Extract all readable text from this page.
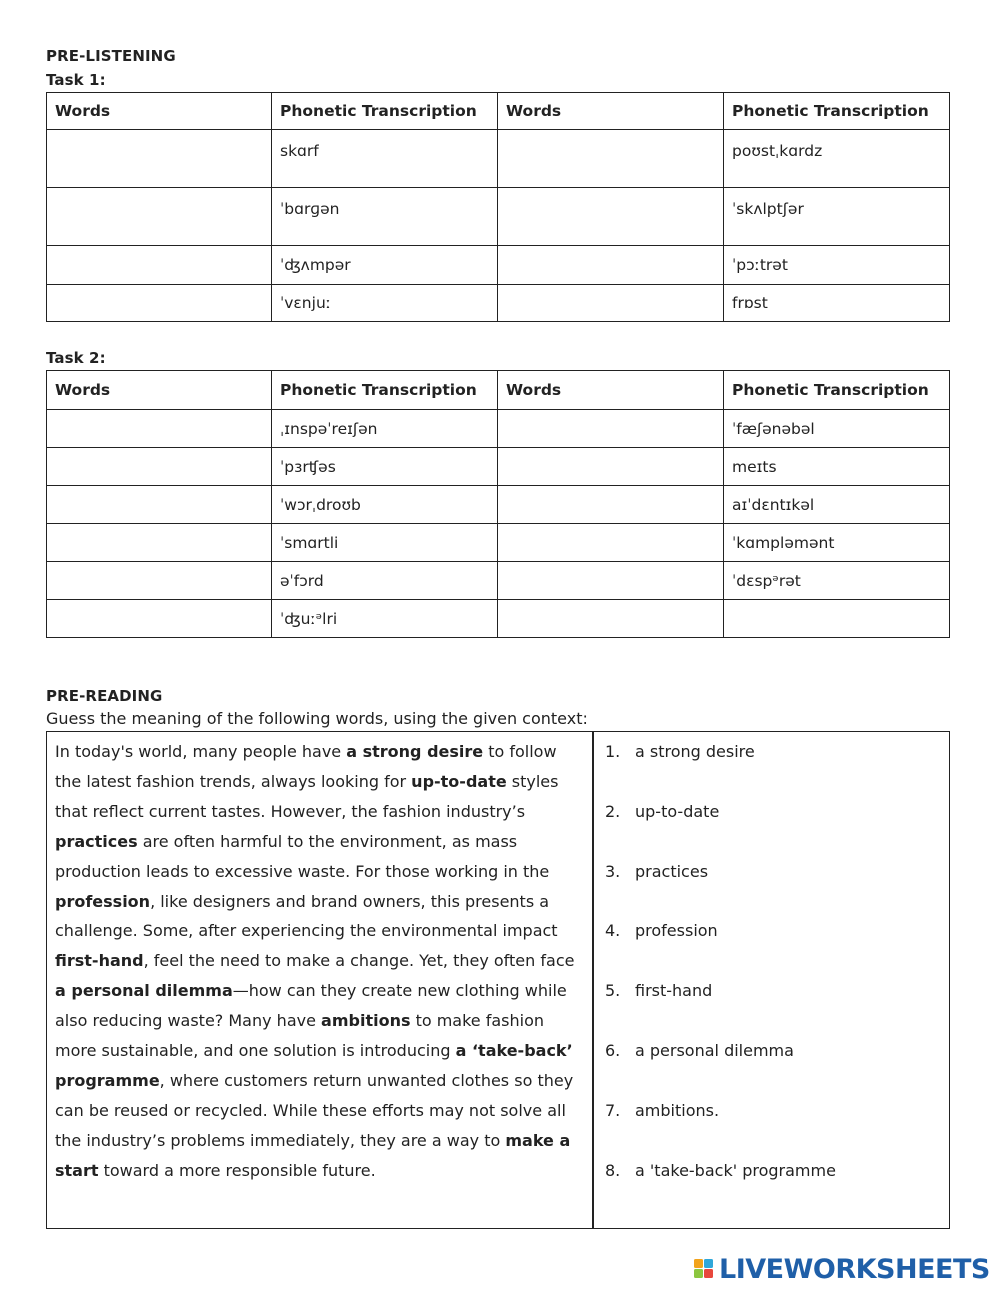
PRE-LISTENING
Task 1:
Words	Phonetic Transcription	Words	Phonetic Transcription
	skɑrf		poʊstˌkɑrdz
	ˈbɑrɡən		ˈskʌlptʃər
	ˈʤʌmpər		ˈpɔːtrət
	ˈvɛnjuː		frɒst
Task 2:
Words	Phonetic Transcription	Words	Phonetic Transcription
	ˌɪnspəˈreɪʃən		ˈfæʃənəbəl
	ˈpɜrʧəs		meɪts
	ˈwɔrˌdroʊb		aɪˈdɛntɪkəl
	ˈsmɑrtli		ˈkɑmpləmənt
	əˈfɔrd		ˈdɛspᵊrət
	ˈʤuːᵊlri		
PRE-READING
Guess the meaning of the following words, using the given context:
In today's world, many people have a strong desire to follow the latest fashion trends, always looking for up-to-date styles that reflect current tastes. However, the fashion industry’s practices are often harmful to the environment, as mass production leads to excessive waste. For those working in the profession, like designers and brand owners, this presents a challenge. Some, after experiencing the environmental impact first-hand, feel the need to make a change. Yet, they often face a personal dilemma—how can they create new clothing while also reducing waste? Many have ambitions to make fashion more sustainable, and one solution is introducing a ‘take-back’ programme, where customers return unwanted clothes so they can be reused or recycled. While these efforts may not solve all the industry’s problems immediately, they are a way to make a start toward a more responsible future.
1. a strong desire
2. up-to-date
3. practices
4. profession
5. first-hand
6. a personal dilemma
7. ambitions.
8. a 'take-back' programme
LIVEWORKSHEETS
